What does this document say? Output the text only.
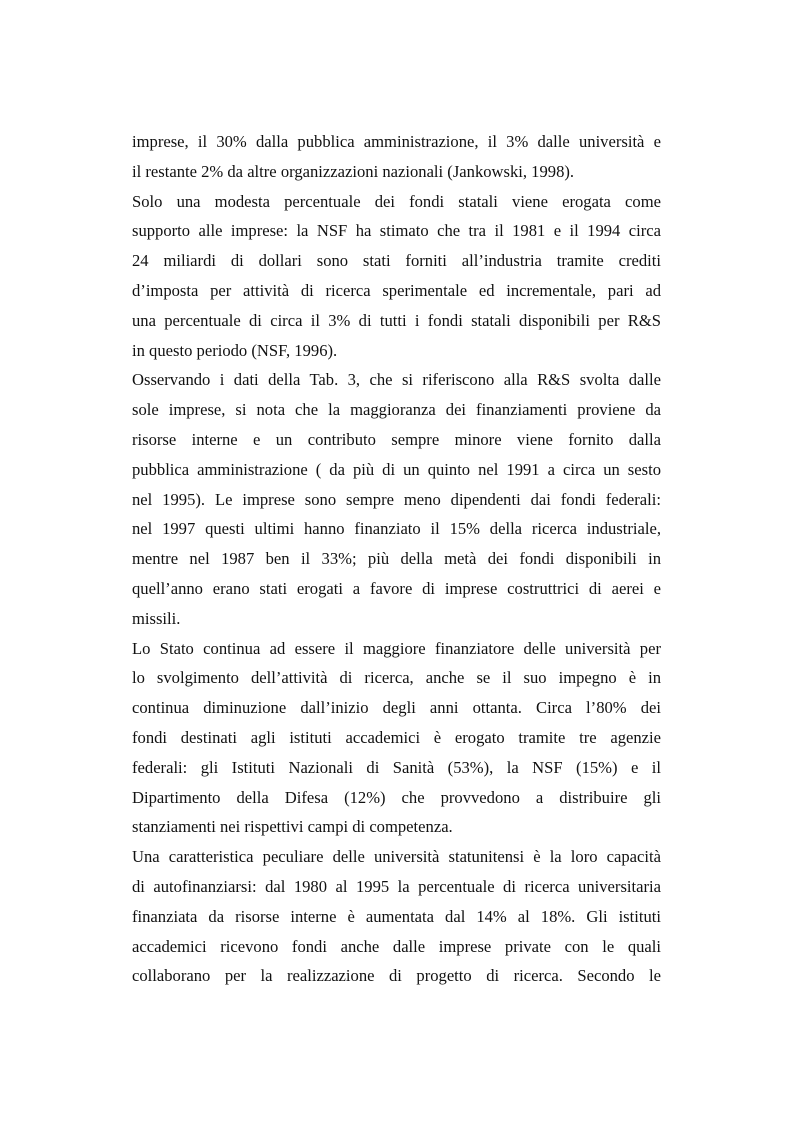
imprese, il 30% dalla pubblica amministrazione, il 3% dalle università e
il restante 2% da altre organizzazioni nazionali (Jankowski, 1998).
Solo una modesta percentuale dei fondi statali viene erogata come
supporto alle imprese: la NSF ha stimato che tra il 1981 e il 1994 circa
24 miliardi di dollari sono stati forniti all’industria tramite crediti
d’imposta per attività di ricerca sperimentale ed incrementale, pari ad
una percentuale di circa il 3% di tutti i fondi statali disponibili per R&S
in questo periodo (NSF, 1996).
Osservando i dati della Tab. 3, che si riferiscono alla R&S svolta dalle
sole imprese, si nota che la maggioranza dei finanziamenti proviene da
risorse interne e un contributo sempre minore viene fornito dalla
pubblica amministrazione ( da più di un quinto nel 1991 a circa un sesto
nel 1995). Le imprese sono sempre meno dipendenti dai fondi federali:
nel 1997 questi ultimi hanno finanziato il 15% della ricerca industriale,
mentre nel 1987 ben il 33%; più della metà dei fondi disponibili in
quell’anno erano stati erogati a favore di imprese costruttrici di aerei e
missili.
Lo Stato continua ad essere il maggiore finanziatore delle università per
lo svolgimento dell’attività di ricerca, anche se il suo impegno è in
continua diminuzione dall’inizio degli anni ottanta. Circa l’80% dei
fondi destinati agli istituti accademici è erogato tramite tre agenzie
federali: gli Istituti Nazionali di Sanità (53%), la NSF (15%) e il
Dipartimento della Difesa (12%) che provvedono a distribuire gli
stanziamenti nei rispettivi campi di competenza.
Una caratteristica peculiare delle università statunitensi è la loro capacità
di autofinanziarsi: dal 1980 al 1995 la percentuale di ricerca universitaria
finanziata da risorse interne è aumentata dal 14% al 18%. Gli istituti
accademici ricevono fondi anche dalle imprese private con le quali
collaborano per la realizzazione di progetto di ricerca. Secondo le
